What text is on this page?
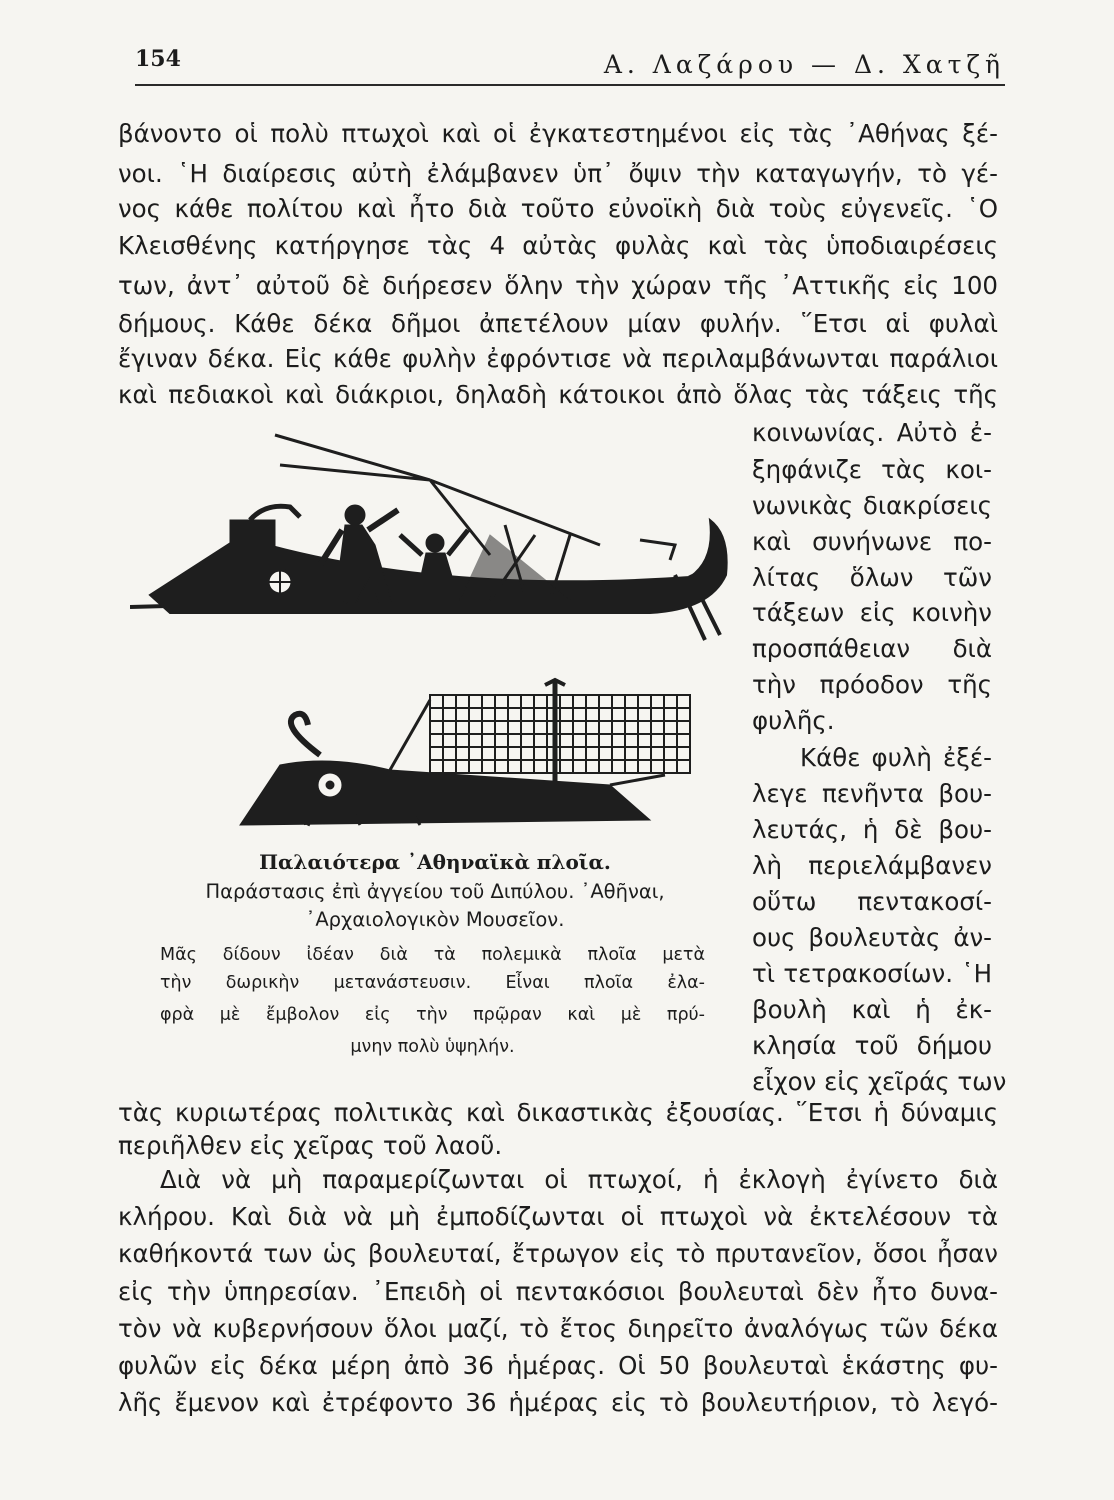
154	Α. Λαζάρου — Δ. Χατζῆ
βάνοντο οἱ πολὺ πτωχοὶ καὶ οἱ ἐγκατεστημένοι εἰς τὰς ᾿Αθήνας ξέ-
νοι. ῾Η διαίρεσις αὐτὴ ἐλάμβανεν ὑπ᾿ ὄψιν τὴν καταγωγήν, τὸ γέ-
νος κάθε πολίτου καὶ ἦτο διὰ τοῦτο εὐνοϊκὴ διὰ τοὺς εὐγενεῖς. ῾Ο
Κλεισθένης κατήργησε τὰς 4 αὐτὰς φυλὰς καὶ τὰς ὑποδιαιρέσεις
των, ἀντ᾿ αὐτοῦ δὲ διήρεσεν ὅλην τὴν χώραν τῆς ᾿Αττικῆς εἰς 100
δήμους. Κάθε δέκα δῆμοι ἀπετέλουν μίαν φυλήν. ῞Ετσι αἱ φυλαὶ
ἔγιναν δέκα. Εἰς κάθε φυλὴν ἐφρόντισε νὰ περιλαμβάνωνται παράλιοι
καὶ πεδιακοὶ καὶ διάκριοι, δηλαδὴ κάτοικοι ἀπὸ ὅλας τὰς τάξεις τῆς
κοινωνίας. Αὐτὸ ἐ-
ξηφάνιζε τὰς κοι-
νωνικὰς διακρίσεις
καὶ συνήνωνε πο-
λίτας ὅλων τῶν
τάξεων εἰς κοινὴν
προσπάθειαν διὰ
τὴν πρόοδον τῆς
φυλῆς.
Κάθε φυλὴ ἐξέ-
λεγε πενῆντα βου-
λευτάς, ἡ δὲ βου-
λὴ περιελάμβανεν
οὕτω πεντακοσί-
ους βουλευτὰς ἀν-
τὶ τετρακοσίων. ῾Η
βουλὴ καὶ ἡ ἐκ-
κλησία τοῦ δήμου
εἶχον εἰς χεῖράς των
Παλαιότερα ᾿Αθηναϊκὰ πλοῖα.
Παράστασις ἐπὶ ἀγγείου τοῦ Διπύλου. ᾿Αθῆναι,
᾿Αρχαιολογικὸν Μουσεῖον.
Μᾶς δίδουν ἰδέαν διὰ τὰ πολεμικὰ πλοῖα μετὰ
τὴν δωρικὴν μετανάστευσιν. Εἶναι πλοῖα ἐλα-
φρὰ μὲ ἔμβολον εἰς τὴν πρῷραν καὶ μὲ πρύ-
μνην πολὺ ὑψηλήν.
τὰς κυριωτέρας πολιτικὰς καὶ δικαστικὰς ἐξουσίας. ῞Ετσι ἡ δύναμις
περιῆλθεν εἰς χεῖρας τοῦ λαοῦ.
Διὰ νὰ μὴ παραμερίζωνται οἱ πτωχοί, ἡ ἐκλογὴ ἐγίνετο διὰ
κλήρου. Καὶ διὰ νὰ μὴ ἐμποδίζωνται οἱ πτωχοὶ νὰ ἐκτελέσουν τὰ
καθήκοντά των ὡς βουλευταί, ἔτρωγον εἰς τὸ πρυτανεῖον, ὅσοι ἦσαν
εἰς τὴν ὑπηρεσίαν. ᾿Επειδὴ οἱ πεντακόσιοι βουλευταὶ δὲν ἦτο δυνα-
τὸν νὰ κυβερνήσουν ὅλοι μαζί, τὸ ἔτος διηρεῖτο ἀναλόγως τῶν δέκα
φυλῶν εἰς δέκα μέρη ἀπὸ 36 ἡμέρας. Οἱ 50 βουλευταὶ ἑκάστης φυ-
λῆς ἔμενον καὶ ἐτρέφοντο 36 ἡμέρας εἰς τὸ βουλευτήριον, τὸ λεγό-
